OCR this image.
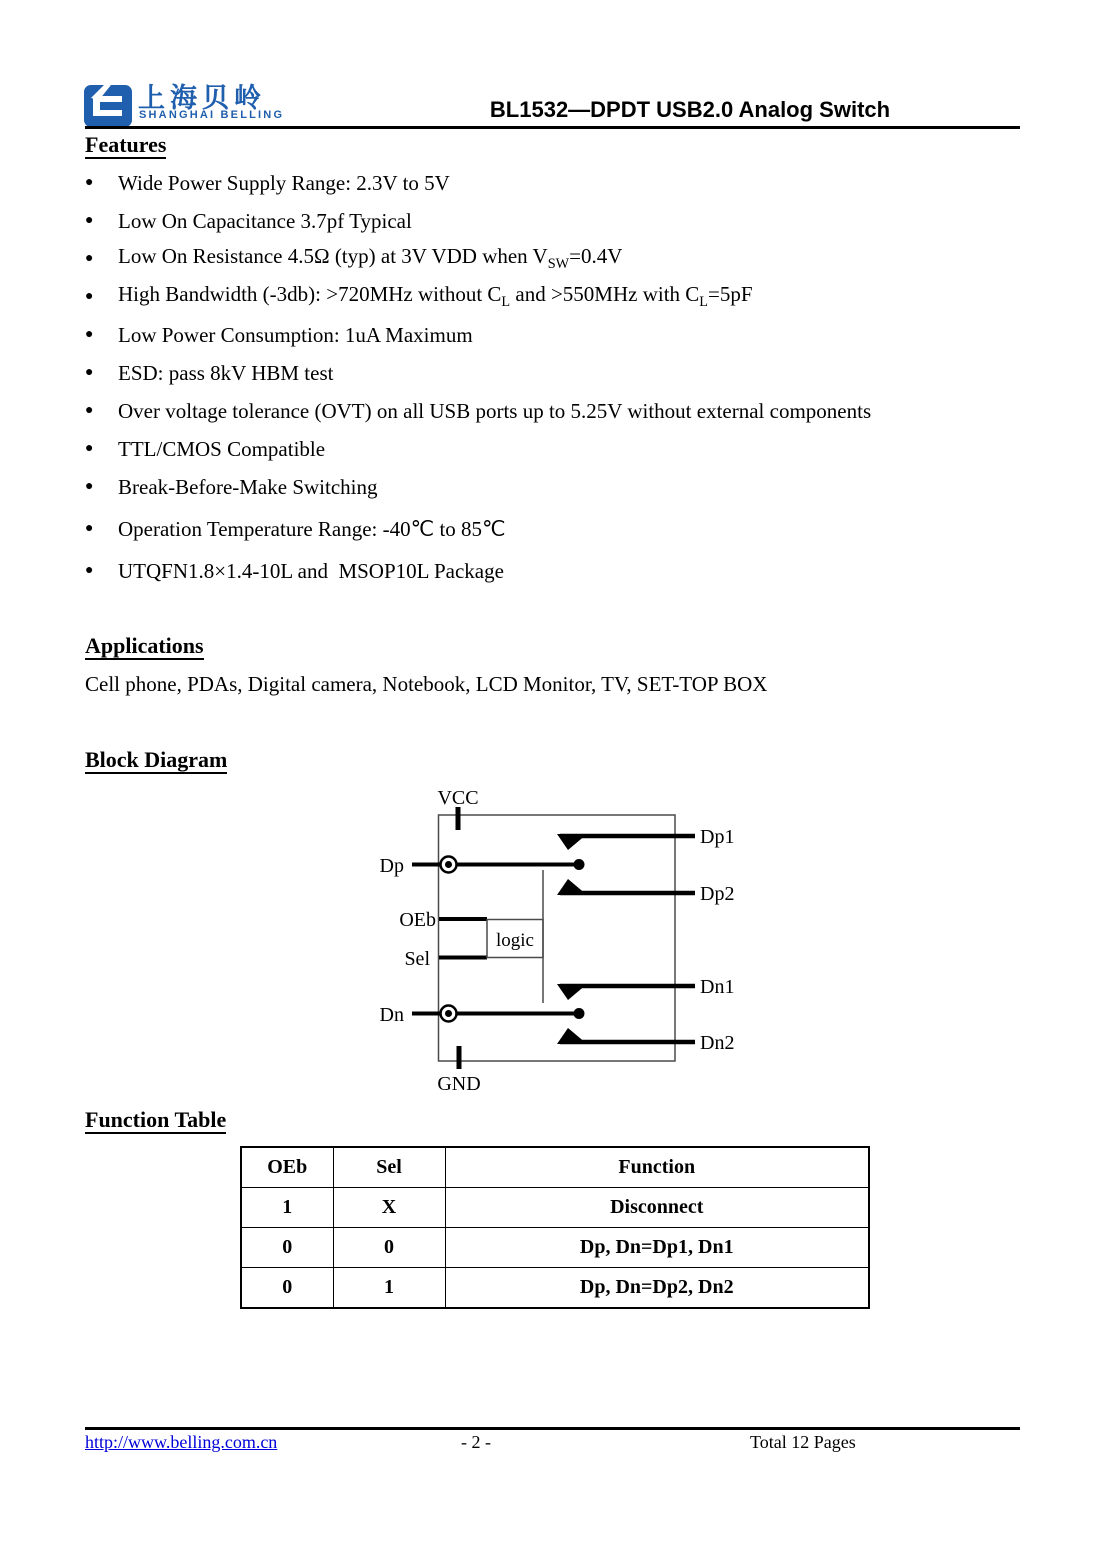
上海贝岭
SHANGHAI BELLING	BL1532—DPDT USB2.0 Analog Switch
Features
●	Wide Power Supply Range: 2.3V to 5V
●	Low On Capacitance 3.7pf Typical
●	Low On Resistance 4.5Ω (typ) at 3V VDD when $V_{SW}=0.4V$
●	High Bandwidth (-3db): >720MHz without $C_L$ and >550MHz with $C_L=5pF$
●	Low Power Consumption: 1uA Maximum
●	ESD: pass 8kV HBM test
●	Over voltage tolerance (OVT) on all USB ports up to 5.25V without external components
●	TTL/CMOS Compatible
●	Break-Before-Make Switching
●	Operation Temperature Range: -40℃ to 85℃
●	UTQFN1.8×1.4-10L and  MSOP10L Package
Applications
Cell phone, PDAs, Digital camera, Notebook, LCD Monitor, TV, SET-TOP BOX
Block Diagram
VCC
GND
Dp
Dp1
Dp2
OEb
Sel
logic
Dn1
Dn
Dn2
Function Table
OEb	Sel	Function
1	X	Disconnect
0	0	Dp, Dn=Dp1, Dn1
0	1	Dp, Dn=Dp2, Dn2
http://www.belling.com.cn	- 2 -	Total 12 Pages
